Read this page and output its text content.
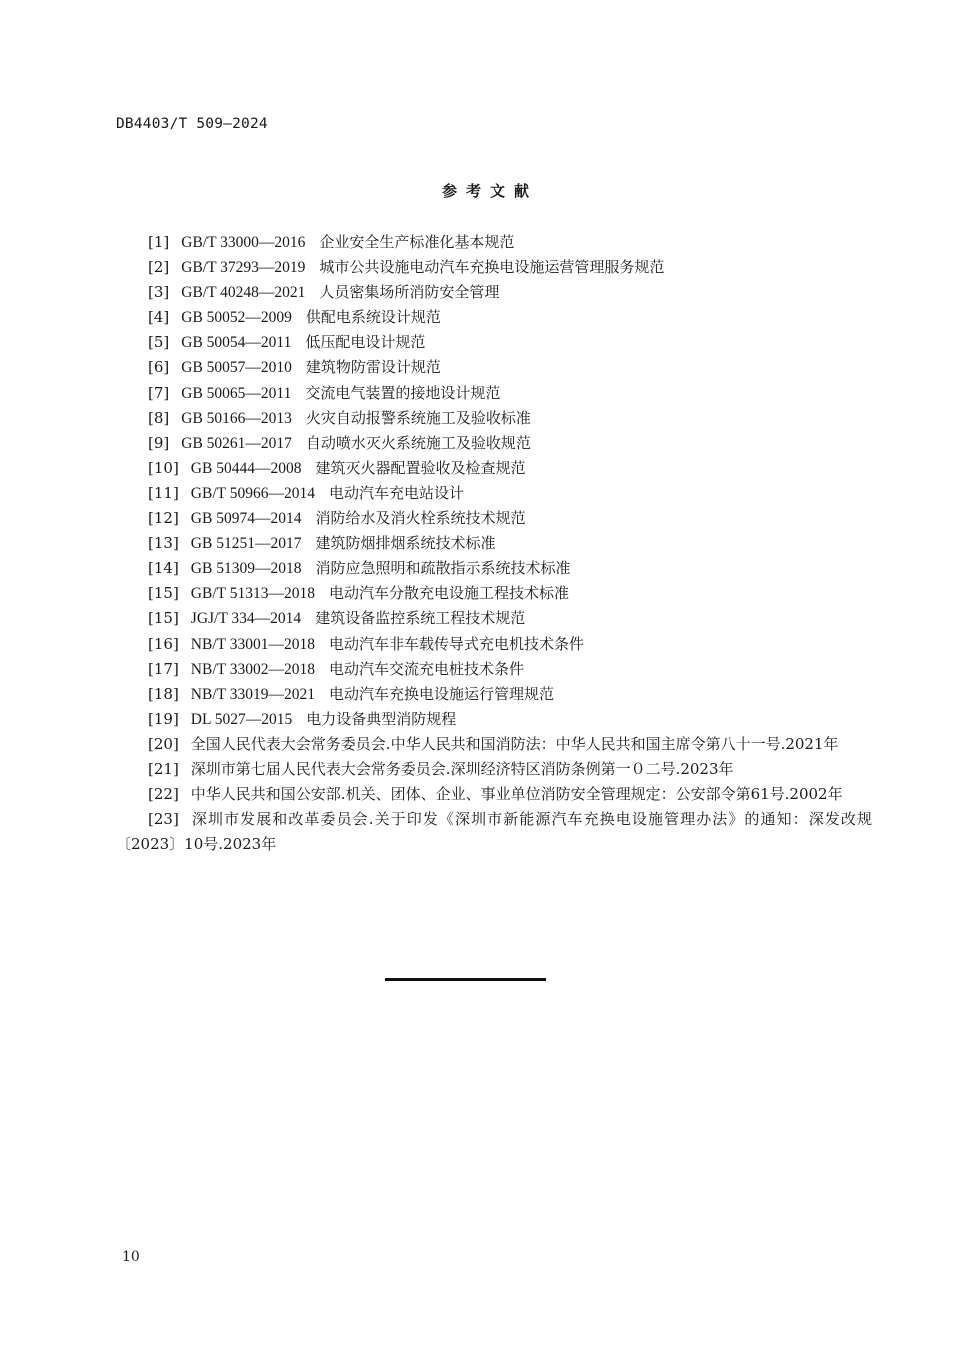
DB4403/T 509—2024
参考文献
[1] GB/T 33000—2016 企业安全生产标准化基本规范
[2] GB/T 37293—2019 城市公共设施电动汽车充换电设施运营管理服务规范
[3] GB/T 40248—2021 人员密集场所消防安全管理
[4] GB 50052—2009 供配电系统设计规范
[5] GB 50054—2011 低压配电设计规范
[6] GB 50057—2010 建筑物防雷设计规范
[7] GB 50065—2011 交流电气装置的接地设计规范
[8] GB 50166—2013 火灾自动报警系统施工及验收标准
[9] GB 50261—2017 自动喷水灭火系统施工及验收规范
[10] GB 50444—2008 建筑灭火器配置验收及检查规范
[11] GB/T 50966—2014 电动汽车充电站设计
[12] GB 50974—2014 消防给水及消火栓系统技术规范
[13] GB 51251—2017 建筑防烟排烟系统技术标准
[14] GB 51309—2018 消防应急照明和疏散指示系统技术标准
[15] GB/T 51313—2018 电动汽车分散充电设施工程技术标准
[15] JGJ/T 334—2014 建筑设备监控系统工程技术规范
[16] NB/T 33001—2018 电动汽车非车载传导式充电机技术条件
[17] NB/T 33002—2018 电动汽车交流充电桩技术条件
[18] NB/T 33019—2021 电动汽车充换电设施运行管理规范
[19] DL 5027—2015 电力设备典型消防规程
[20] 全国人民代表大会常务委员会.中华人民共和国消防法：中华人民共和国主席令第八十一号.2021年
[21] 深圳市第七届人民代表大会常务委员会.深圳经济特区消防条例第一０二号.2023年
[22] 中华人民共和国公安部.机关、团体、企业、事业单位消防安全管理规定：公安部令第61号.2002年
[23] 深圳市发展和改革委员会.关于印发《深圳市新能源汽车充换电设施管理办法》的通知：深发改规〔2023〕10号.2023年
10
